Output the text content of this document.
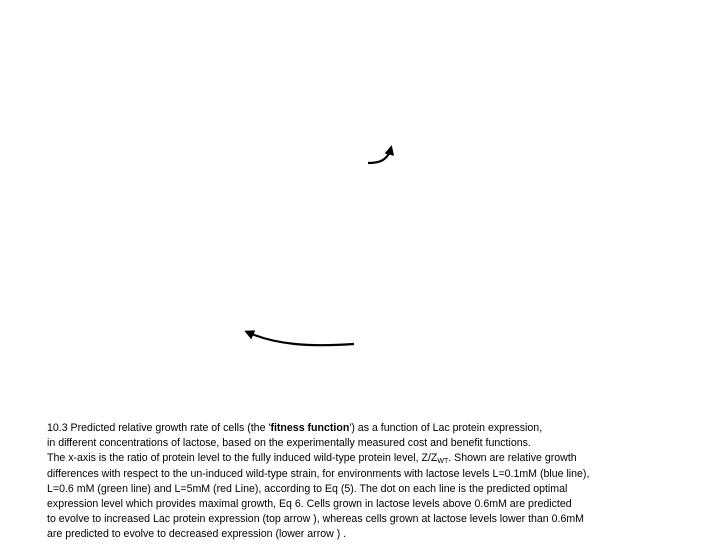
10.3 Predicted relative growth rate of cells (the 'fitness function') as a function of Lac protein expression,
in different concentrations of lactose, based on the experimentally measured cost and benefit functions.
The x-axis is the ratio of protein level to the fully induced wild-type protein level, $Z/Z_{WT}$. Shown are relative growth
differences with respect to the un-induced wild-type strain, for environments with lactose levels L=0.1mM (blue line),
L=0.6 mM (green line) and L=5mM (red Line), according to Eq (5). The dot on each line is the predicted optimal
expression level which provides maximal growth, Eq 6. Cells grown in lactose levels above 0.6mM are predicted
to evolve to increased Lac protein expression (top arrow ), whereas cells grown at lactose levels lower than 0.6mM
are predicted to evolve to decreased expression (lower arrow ) .
